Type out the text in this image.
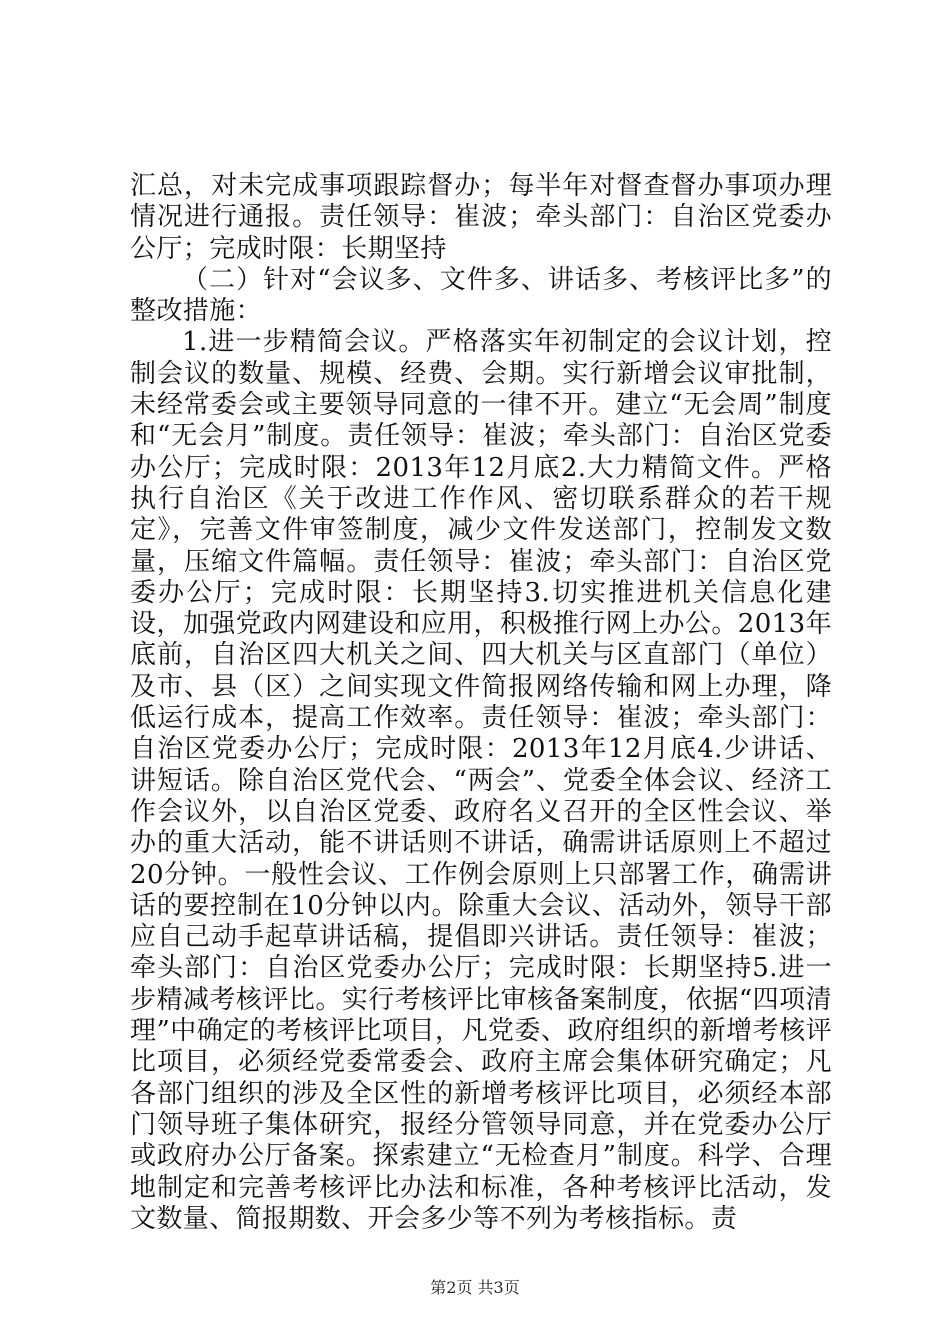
汇总，对未完成事项跟踪督办；每半年对督查督办事项办理情况进行通报。责任领导：崔波；牵头部门：自治区党委办公厅；完成时限：长期坚持

（二）针对“会议多、文件多、讲话多、考核评比多”的整改措施：

1.进一步精简会议。严格落实年初制定的会议计划，控制会议的数量、规模、经费、会期。实行新增会议审批制，未经常委会或主要领导同意的一律不开。建立“无会周”制度和“无会月”制度。责任领导：崔波；牵头部门：自治区党委办公厅；完成时限：2013年12月底2.大力精简文件。严格执行自治区《关于改进工作作风、密切联系群众的若干规定》，完善文件审签制度，减少文件发送部门，控制发文数量，压缩文件篇幅。责任领导：崔波；牵头部门：自治区党委办公厅；完成时限：长期坚持3.切实推进机关信息化建设，加强党政内网建设和应用，积极推行网上办公。2013年底前，自治区四大机关之间、四大机关与区直部门（单位）及市、县（区）之间实现文件简报网络传输和网上办理，降低运行成本，提高工作效率。责任领导：崔波；牵头部门：自治区党委办公厅；完成时限：2013年12月底4.少讲话、讲短话。除自治区党代会、“两会”、党委全体会议、经济工作会议外，以自治区党委、政府名义召开的全区性会议、举办的重大活动，能不讲话则不讲话，确需讲话原则上不超过20分钟。一般性会议、工作例会原则上只部署工作，确需讲话的要控制在10分钟以内。除重大会议、活动外，领导干部应自己动手起草讲话稿，提倡即兴讲话。责任领导：崔波；牵头部门：自治区党委办公厅；完成时限：长期坚持5.进一步精减考核评比。实行考核评比审核备案制度，依据“四项清理”中确定的考核评比项目，凡党委、政府组织的新增考核评比项目，必须经党委常委会、政府主席会集体研究确定；凡各部门组织的涉及全区性的新增考核评比项目，必须经本部门领导班子集体研究，报经分管领导同意，并在党委办公厅或政府办公厅备案。探索建立“无检查月”制度。科学、合理地制定和完善考核评比办法和标准，各种考核评比活动，发文数量、简报期数、开会多少等不列为考核指标。责

第2页 共3页
